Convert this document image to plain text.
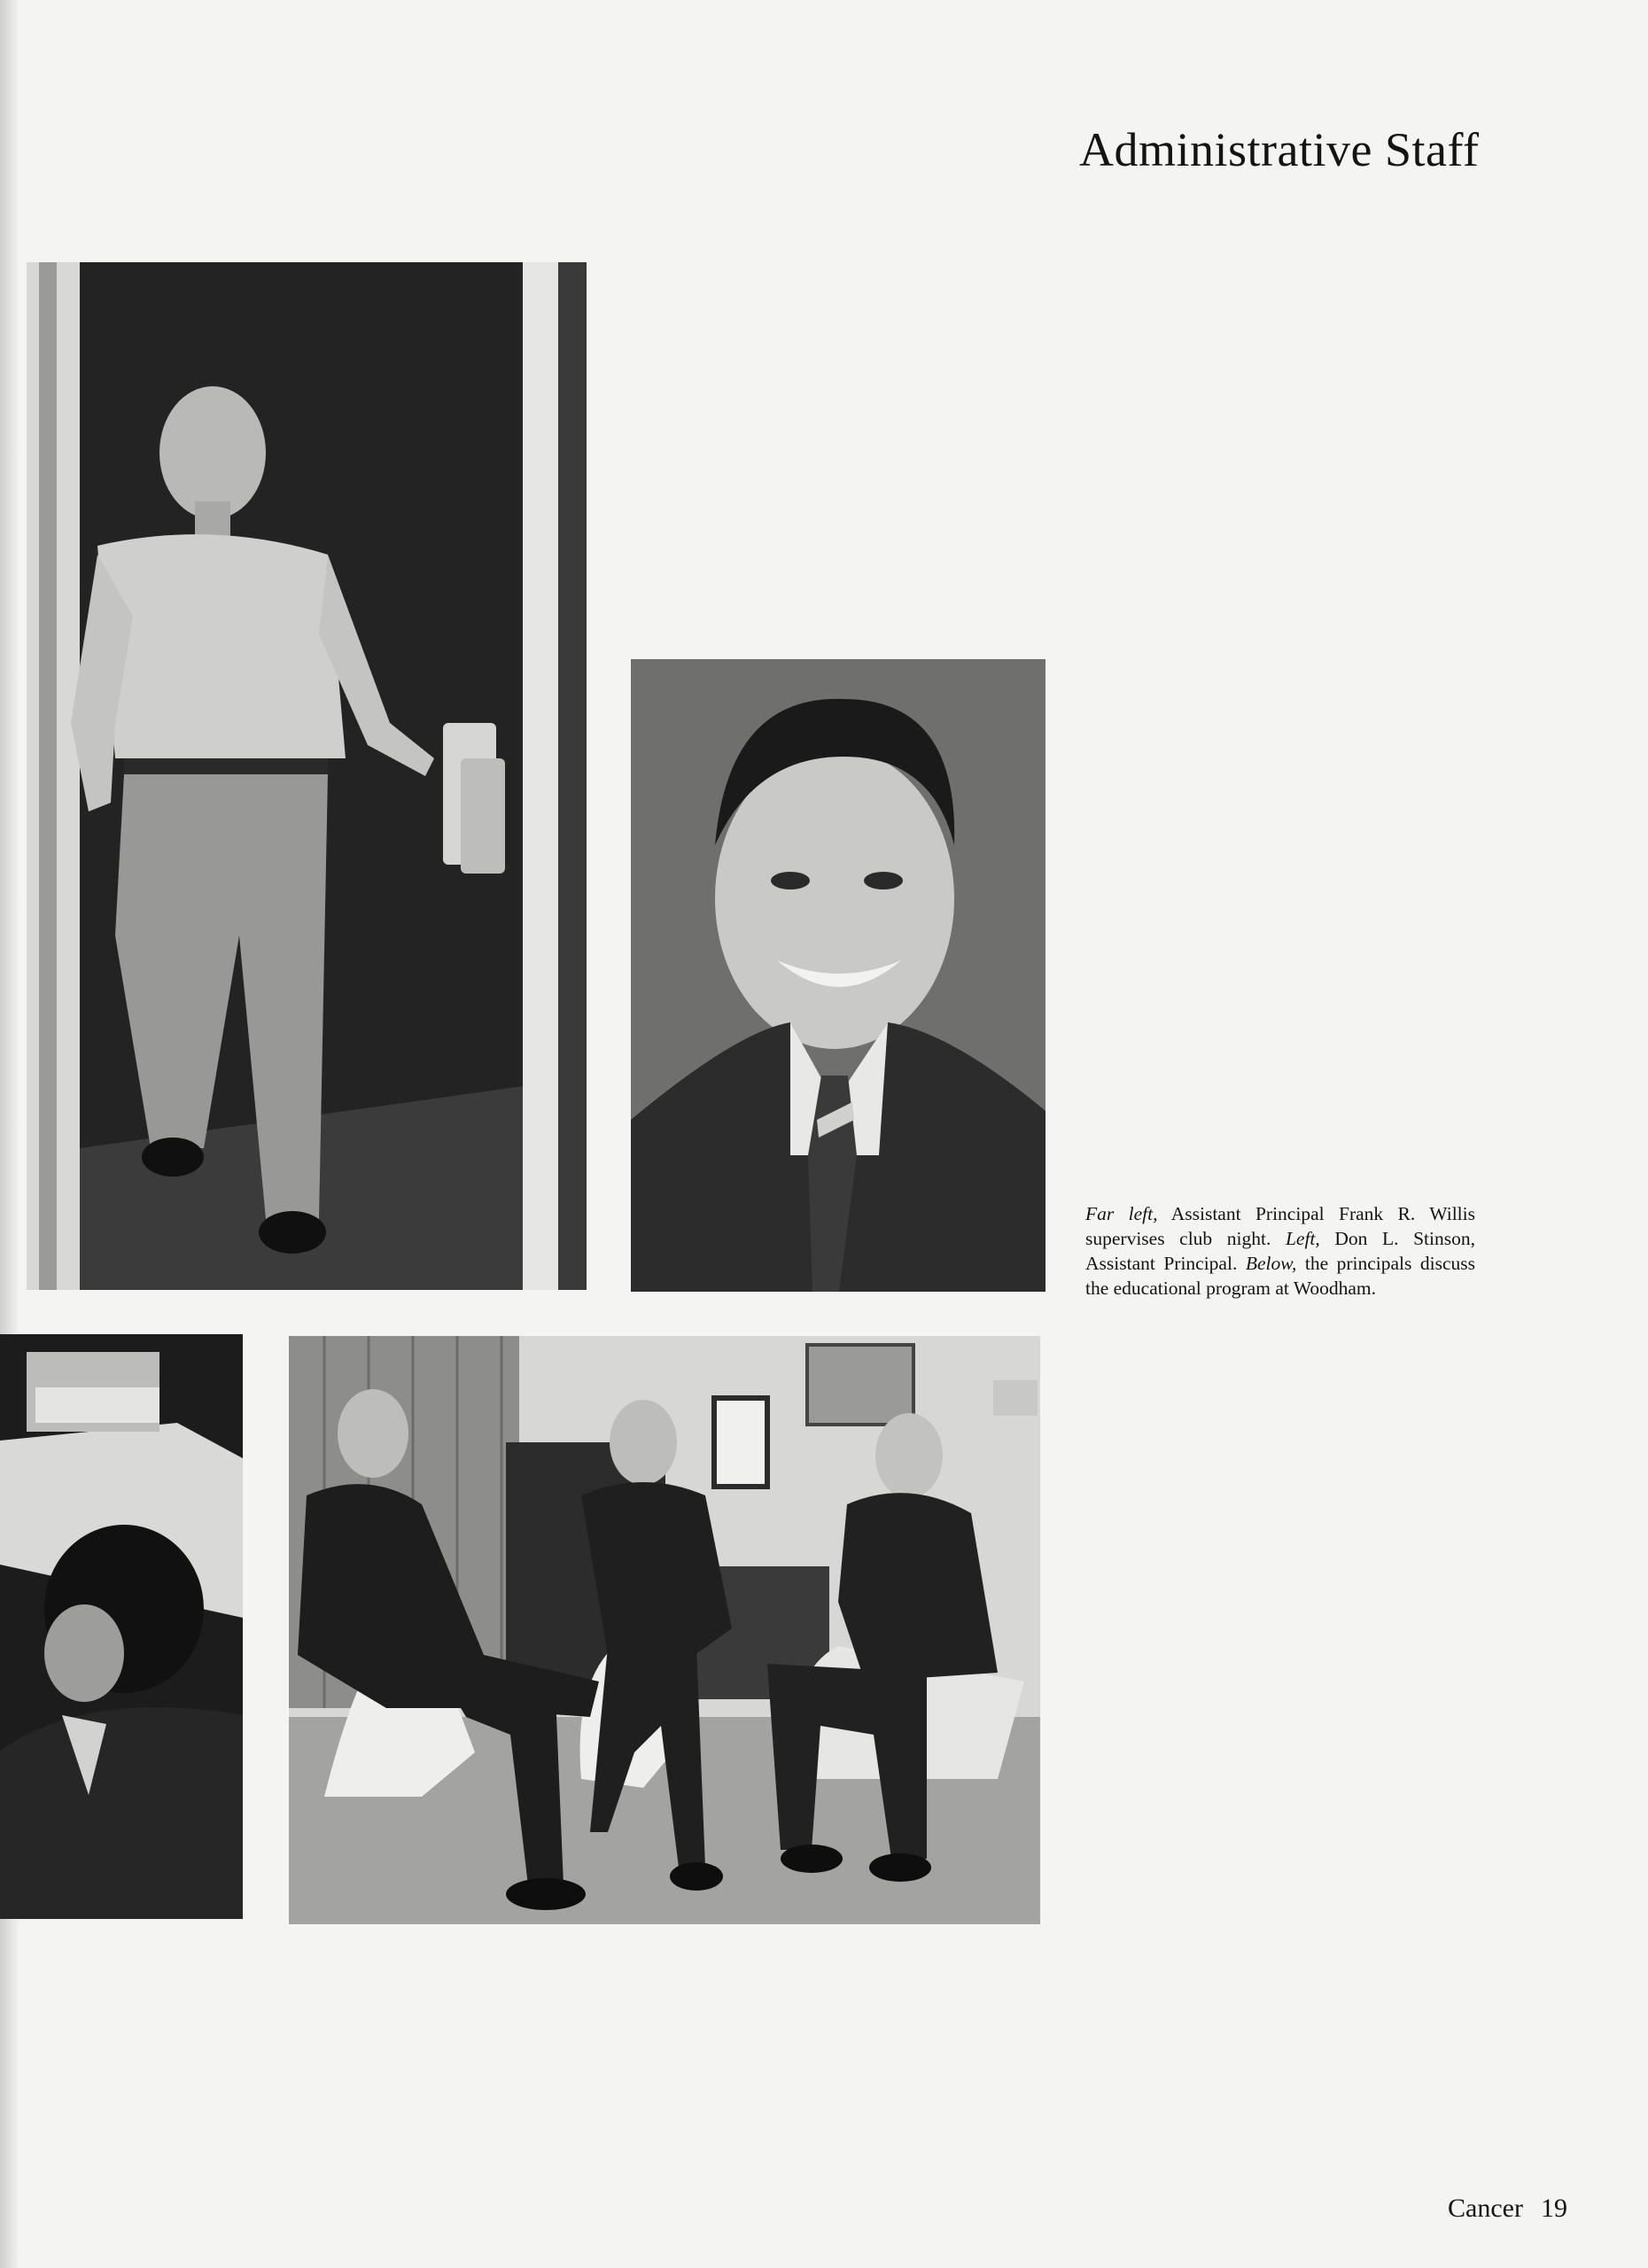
Administrative Staff
Far left, Assistant Principal Frank R. Willis supervises club night. Left, Don L. Stinson, Assistant Principal. Below, the principals discuss the educational program at Woodham.
Cancer 19
